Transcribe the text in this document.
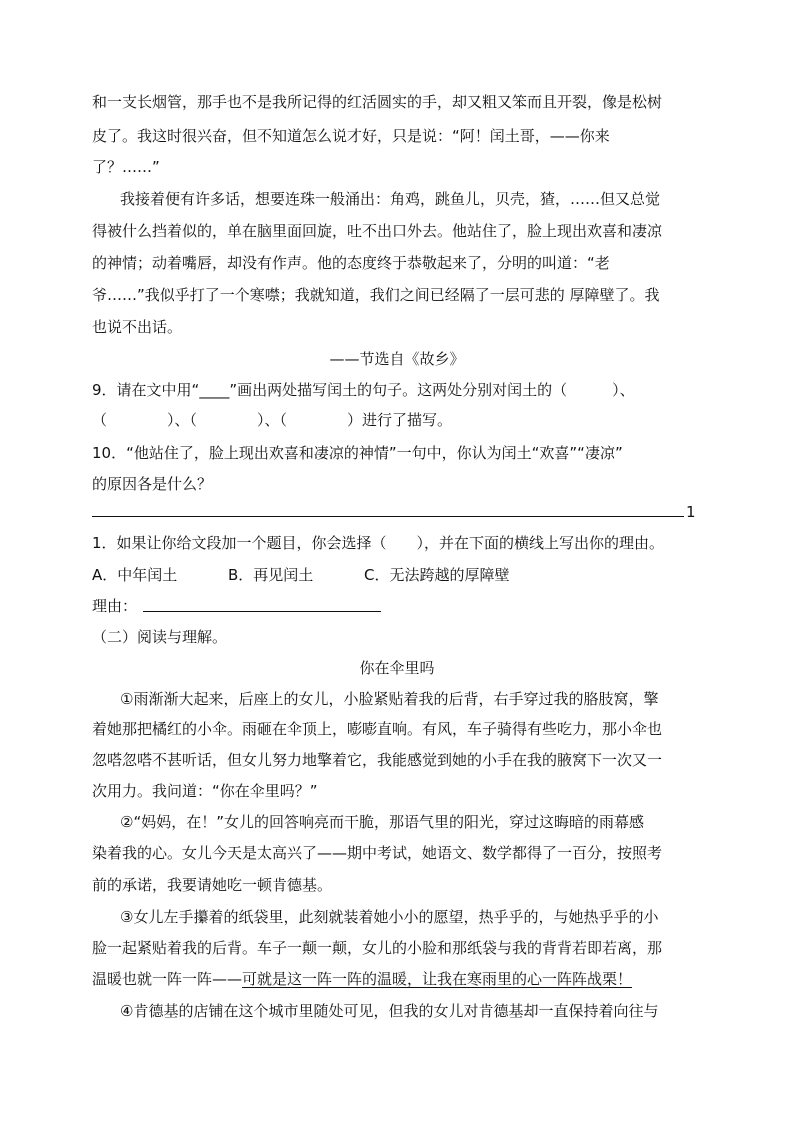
和一支长烟管，那手也不是我所记得的红活圆实的手，却又粗又笨而且开裂，像是松树
皮了。我这时很兴奋，但不知道怎么说才好，只是说：“阿！闰土哥，——你来
了？……”
我接着便有许多话，想要连珠一般涌出：角鸡，跳鱼儿，贝壳，猹，……但又总觉
得被什么挡着似的，单在脑里面回旋，吐不出口外去。他站住了，脸上现出欢喜和凄凉
的神情；动着嘴唇，却没有作声。他的态度终于恭敬起来了，分明的叫道：“老
爷……”我似乎打了一个寒噤；我就知道，我们之间已经隔了一层可悲的 厚障壁了。我
也说不出话。
——节选自《故乡》
9．请在文中用“____”画出两处描写闰土的句子。这两处分别对闰土的（　　　）、
（　　　　）、（　　　　）、（　　　　）进行了描写。
10．“他站住了，脸上现出欢喜和凄凉的神情”一句中，你认为闰土“欢喜”“凄凉”
的原因各是什么？
1
1．如果让你给文段加一个题目，你会选择（　　），并在下面的横线上写出你的理由。
A．中年闰土	B．再见闰土	C．无法跨越的厚障壁
理由：
（二）阅读与理解。
你在伞里吗
①雨渐渐大起来，后座上的女儿，小脸紧贴着我的后背，右手穿过我的胳肢窝，擎
着她那把橘红的小伞。雨砸在伞顶上，嘭嘭直响。有风，车子骑得有些吃力，那小伞也
忽嗒忽嗒不甚听话，但女儿努力地擎着它，我能感觉到她的小手在我的腋窝下一次又一
次用力。我问道：“你在伞里吗？”
②“妈妈，在！”女儿的回答响亮而干脆，那语气里的阳光，穿过这晦暗的雨幕感
染着我的心。女儿今天是太高兴了——期中考试，她语文、数学都得了一百分，按照考
前的承诺，我要请她吃一顿肯德基。
③女儿左手攥着的纸袋里，此刻就装着她小小的愿望，热乎乎的，与她热乎乎的小
脸一起紧贴着我的后背。车子一颠一颠，女儿的小脸和那纸袋与我的背背若即若离，那
温暖也就一阵一阵——可就是这一阵一阵的温暖，让我在寒雨里的心一阵阵战栗！
④肯德基的店铺在这个城市里随处可见，但我的女儿对肯德基却一直保持着向往与
